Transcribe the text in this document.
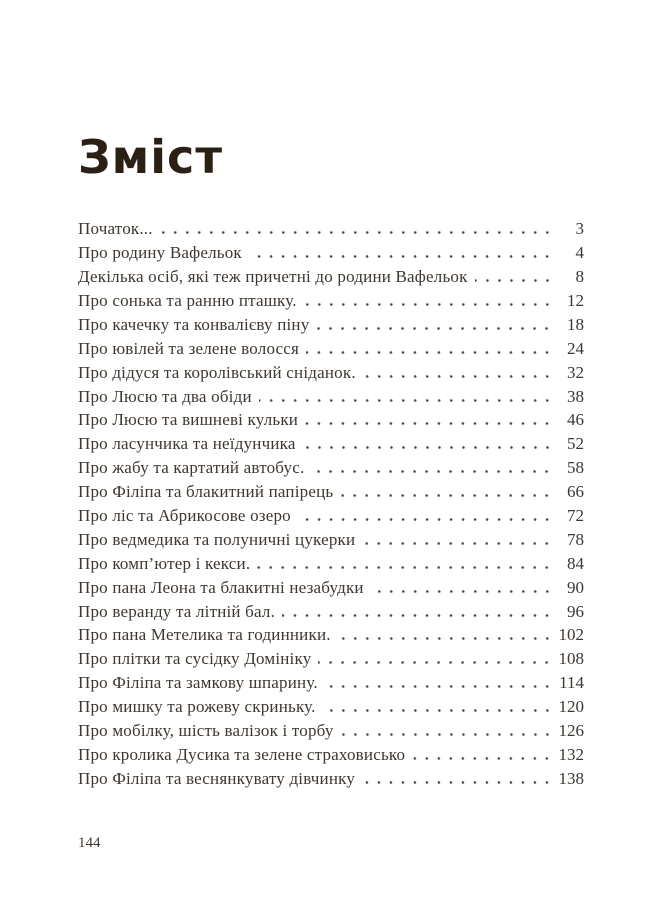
Зміст
Початок...	3
Про родину Вафельок	4
Декілька осіб, які теж причетні до родини Вафельок	8
Про сонька та ранню пташку.	12
Про качечку та конвалієву піну	18
Про ювілей та зелене волосся	24
Про дідуся та королівський сніданок.	32
Про Люсю та два обіди	38
Про Люсю та вишневі кульки	46
Про ласунчика та неїдунчика	52
Про жабу та картатий автобус.	58
Про Філіпа та блакитний папірець	66
Про ліс та Абрикосове озеро	72
Про ведмедика та полуничні цукерки	78
Про комп’ютер і кекси.	84
Про пана Леона та блакитні незабудки	90
Про веранду та літній бал.	96
Про пана Метелика та годинники.	102
Про плітки та сусідку Домініку	108
Про Філіпа та замкову шпарину.	114
Про мишку та рожеву скриньку.	120
Про мобілку, шість валізок і торбу	126
Про кролика Дусика та зелене страховисько	132
Про Філіпа та веснянкувату дівчинку	138
144
